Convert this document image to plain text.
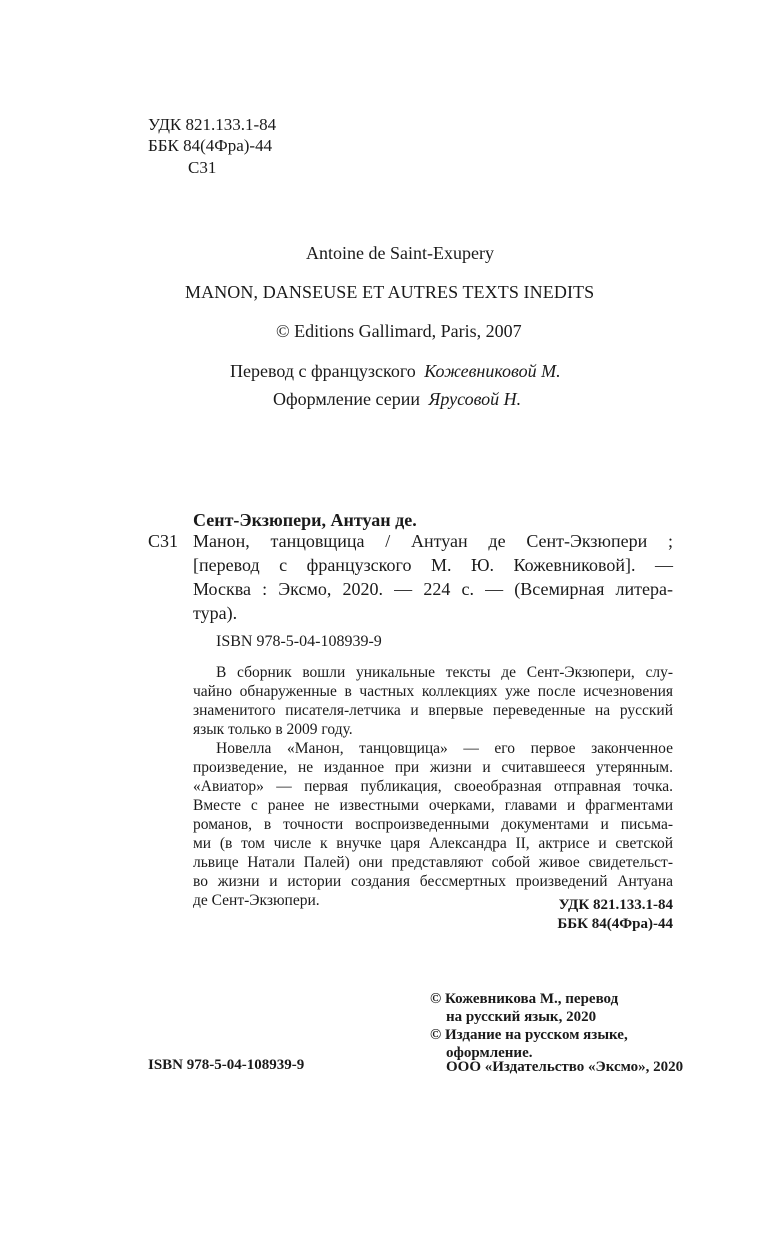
УДК 821.133.1-84
ББК 84(4Фра)-44
С31
Antoine de Saint-Exupery
MANON, DANSEUSE ET AUTRES TEXTS INEDITS
© Editions Gallimard, Paris, 2007
Перевод с французского Кожевниковой М.
Оформление серии Ярусовой Н.
Сент-Экзюпери, Антуан де.
С31 Манон, танцовщица / Антуан де Сент-Экзюпери ;
[перевод с французского М. Ю. Кожевниковой]. —
Москва : Эксмо, 2020. — 224 с. — (Всемирная литера-
тура).
ISBN 978-5-04-108939-9
В сборник вошли уникальные тексты де Сент-Экзюпери, слу-
чайно обнаруженные в частных коллекциях уже после исчезновения
знаменитого писателя-летчика и впервые переведенные на русский
язык только в 2009 году.
Новелла «Манон, танцовщица» — его первое законченное
произведение, не изданное при жизни и считавшееся утерянным.
«Авиатор» — первая публикация, своеобразная отправная точка.
Вместе с ранее не известными очерками, главами и фрагментами
романов, в точности воспроизведенными документами и письма-
ми (в том числе к внучке царя Александра II, актрисе и светской
львице Натали Палей) они представляют собой живое свидетельст-
во жизни и истории создания бессмертных произведений Антуана
де Сент-Экзюпери.	УДК 821.133.1-84
ББК 84(4Фра)-44
ISBN 978-5-04-108939-9
© Кожевникова М., перевод
на русский язык, 2020
© Издание на русском языке,
оформление.
ООО «Издательство «Эксмо», 2020
